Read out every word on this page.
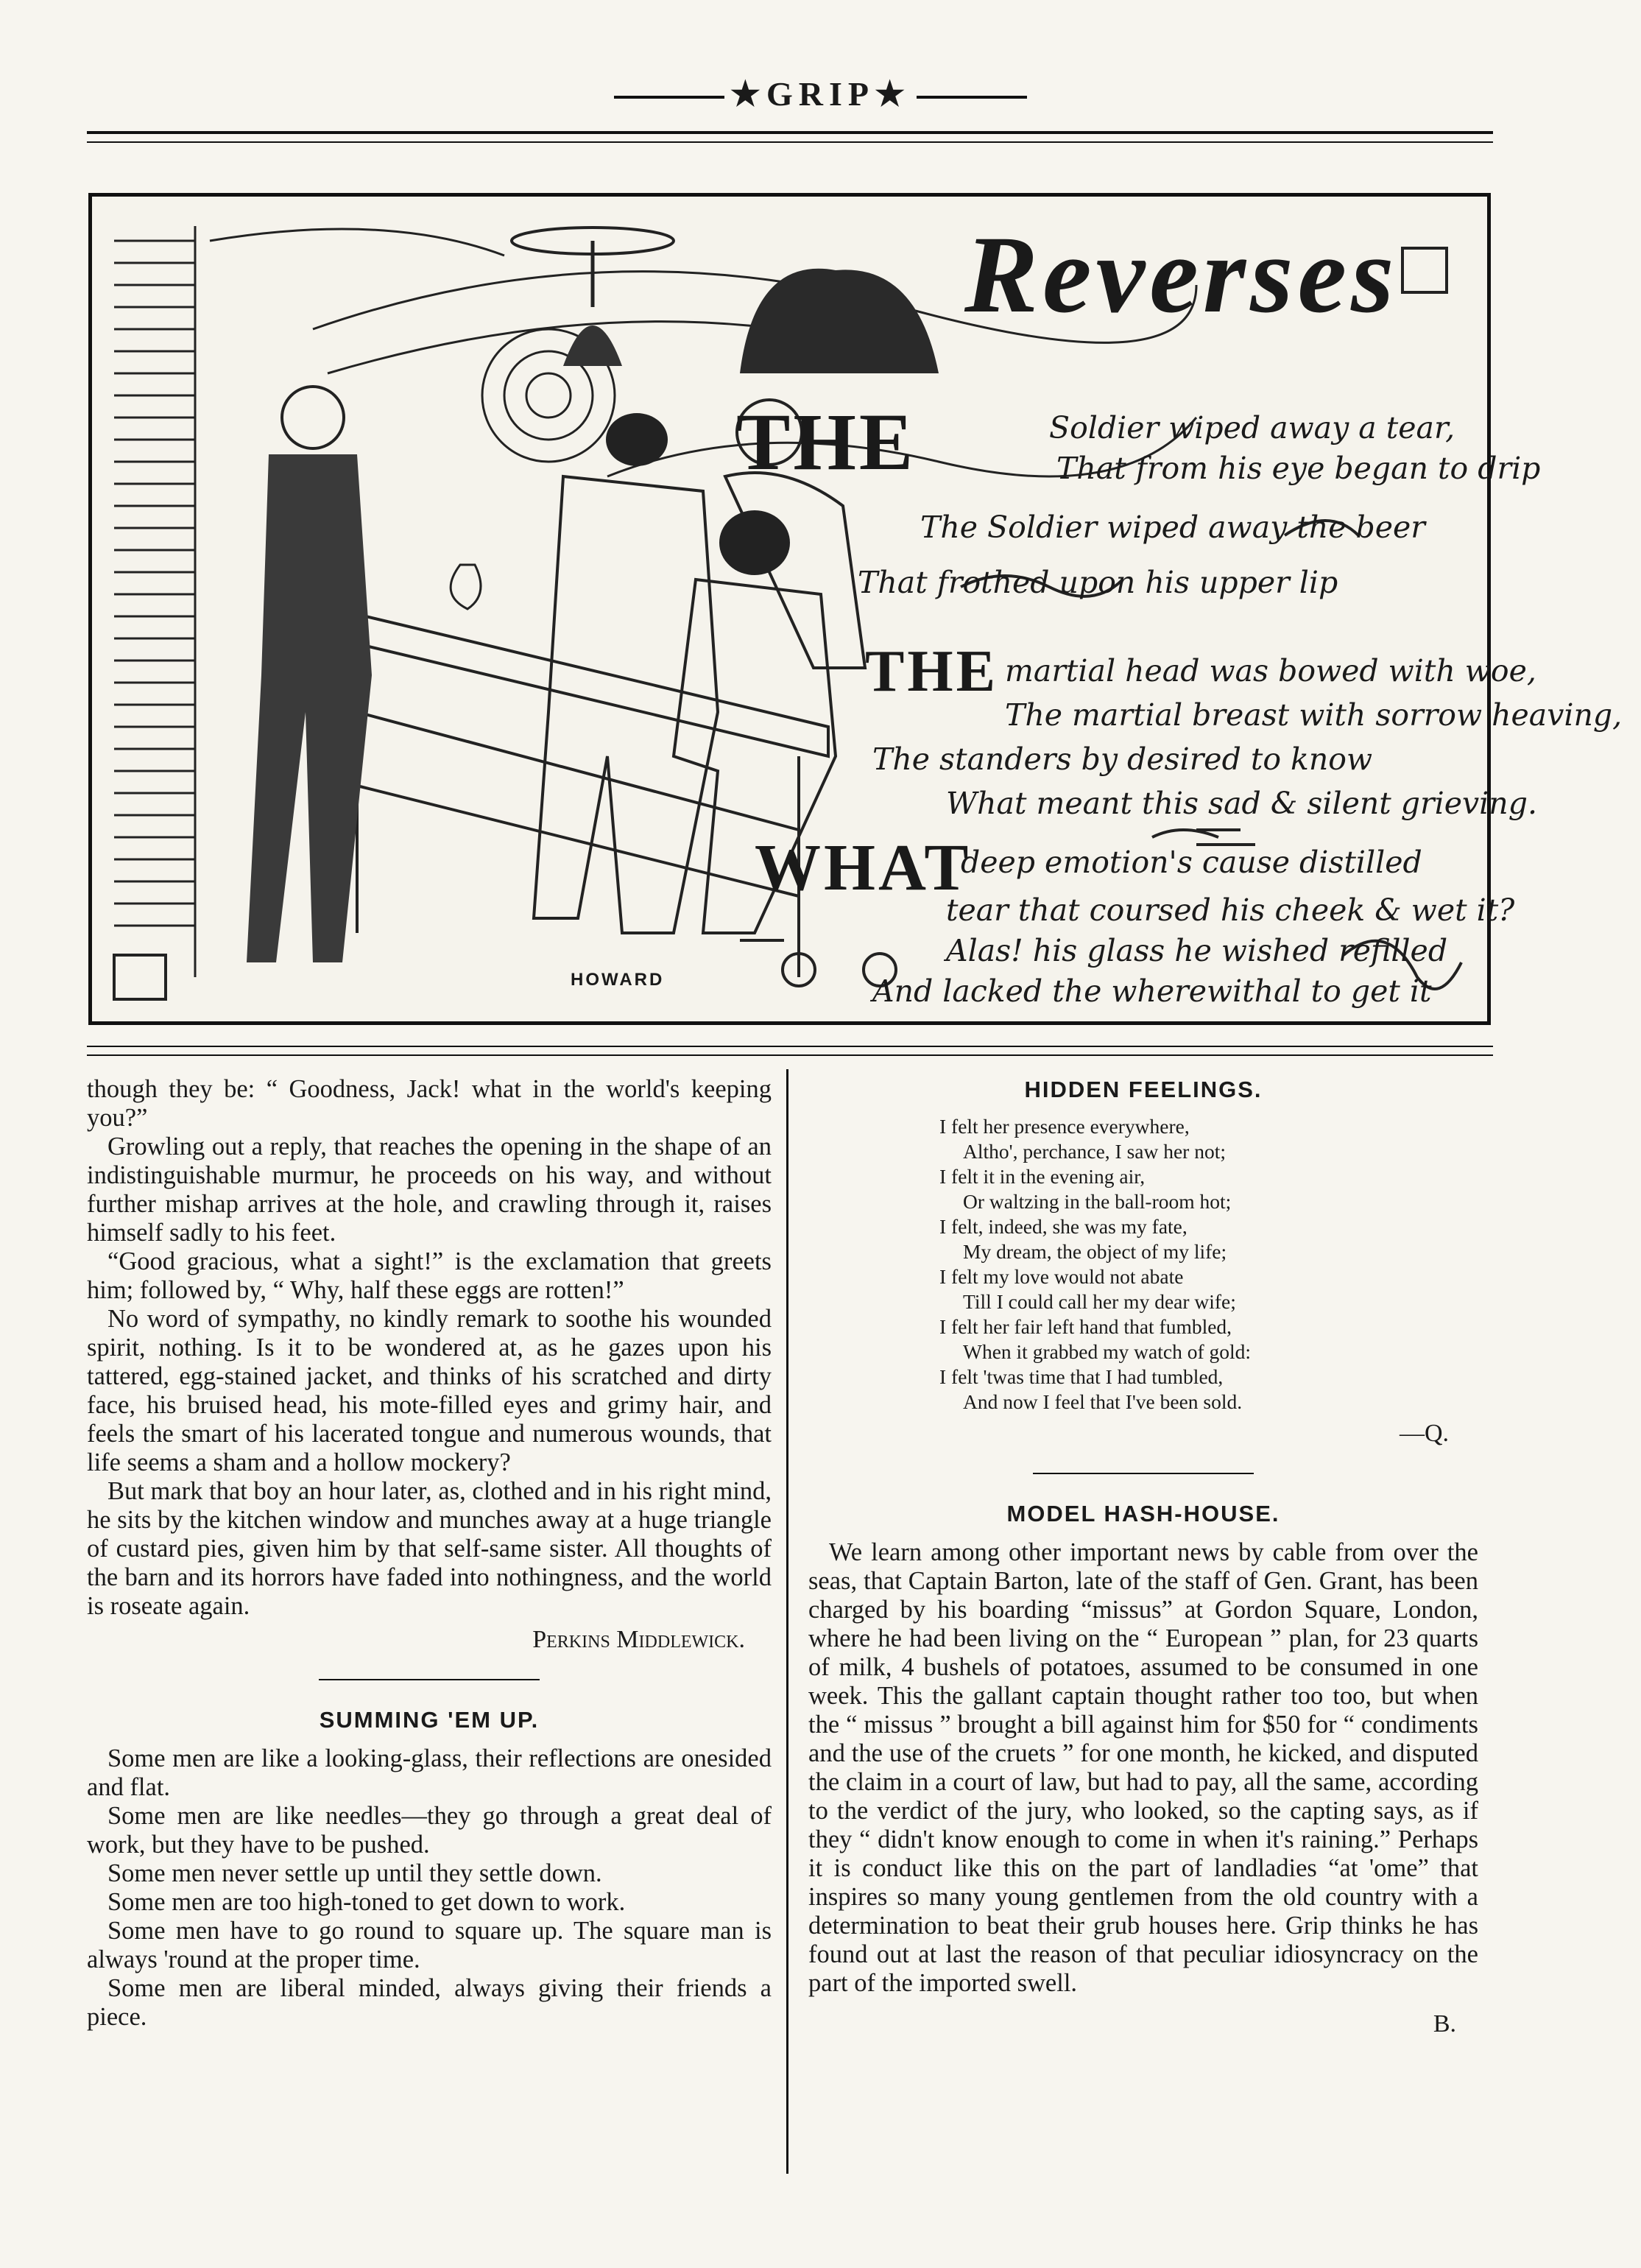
★GRIP★
Reverses
THE	Soldier wiped away a tear,
That from his eye began to drip
The Soldier wiped away the beer
That frothed upon his upper lip
THE martial head was bowed with woe,
The martial breast with sorrow heaving,
The standers by desired to know
What meant this sad & silent grieving.
WHAT
deep emotion's cause distilled
tear that coursed his cheek & wet it?
Alas! his glass he wished refilled
And lacked the wherewithal to get it
HOWARD

though they be: “ Goodness, Jack! what in the world's keeping you?”

Growling out a reply, that reaches the opening in the shape of an indistinguishable murmur, he proceeds on his way, and without further mishap arrives at the hole, and crawling through it, raises himself sadly to his feet.

“Good gracious, what a sight!” is the exclamation that greets him; followed by, “ Why, half these eggs are rotten!”

No word of sympathy, no kindly remark to soothe his wounded spirit, nothing. Is it to be wondered at, as he gazes upon his tattered, egg-stained jacket, and thinks of his scratched and dirty face, his bruised head, his mote-filled eyes and grimy hair, and feels the smart of his lacerated tongue and numerous wounds, that life seems a sham and a hollow mockery?

But mark that boy an hour later, as, clothed and in his right mind, he sits by the kitchen window and munches away at a huge triangle of custard pies, given him by that self-same sister. All thoughts of the barn and its horrors have faded into nothingness, and the world is roseate again.

Perkins Middlewick.
SUMMING 'EM UP.

Some men are like a looking-glass, their reflections are onesided and flat.

Some men are like needles—they go through a great deal of work, but they have to be pushed.

Some men never settle up until they settle down.

Some men are too high-toned to get down to work.

Some men have to go round to square up. The square man is always 'round at the proper time.

Some men are liberal minded, always giving their friends a piece.

HIDDEN FEELINGS.
I felt her presence everywhere,
Altho', perchance, I saw her not;
I felt it in the evening air,
Or waltzing in the ball-room hot;
I felt, indeed, she was my fate,
My dream, the object of my life;
I felt my love would not abate
Till I could call her my dear wife;
I felt her fair left hand that fumbled,
When it grabbed my watch of gold:
I felt 'twas time that I had tumbled,
And now I feel that I've been sold.
—Q.
MODEL HASH-HOUSE.

We learn among other important news by cable from over the seas, that Captain Barton, late of the staff of Gen. Grant, has been charged by his boarding “missus” at Gordon Square, London, where he had been living on the “ European ” plan, for 23 quarts of milk, 4 bushels of potatoes, assumed to be consumed in one week. This the gallant captain thought rather too too, but when the “ missus ” brought a bill against him for $50 for “ condiments and the use of the cruets ” for one month, he kicked, and disputed the claim in a court of law, but had to pay, all the same, according to the verdict of the jury, who looked, so the capting says, as if they “ didn't know enough to come in when it's raining.” Perhaps it is conduct like this on the part of landladies “at 'ome” that inspires so many young gentlemen from the old country with a determination to beat their grub houses here. Grip thinks he has found out at last the reason of that peculiar idiosyncracy on the part of the imported swell.

B.
